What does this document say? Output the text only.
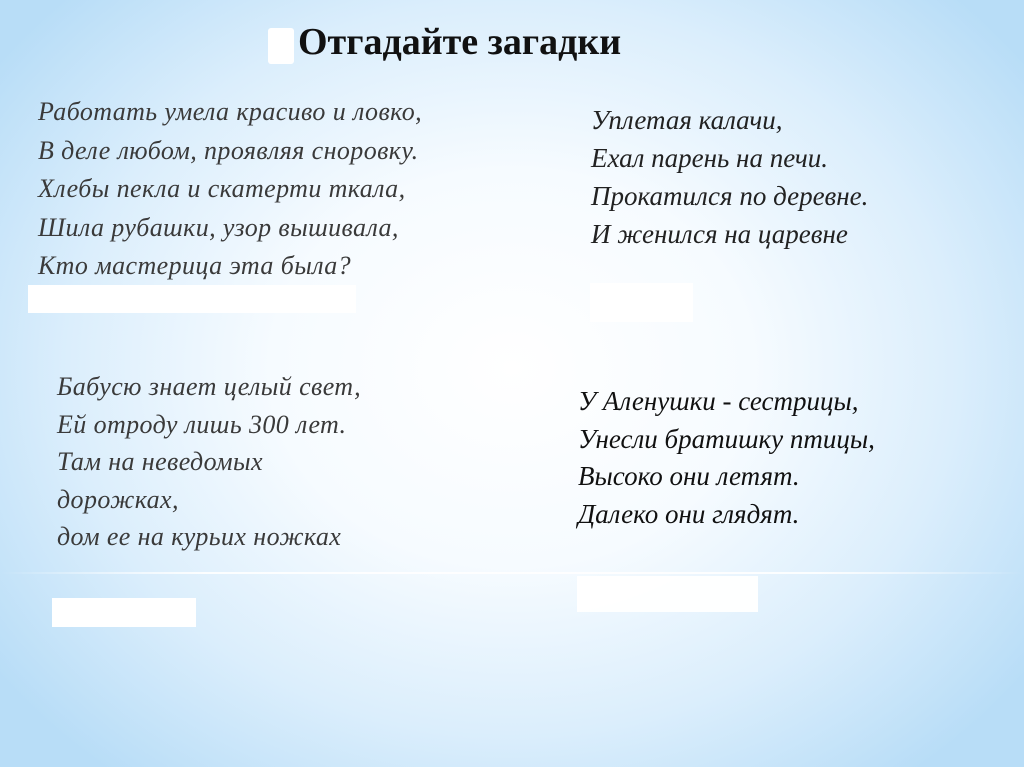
Отгадайте загадки
Работать умела красиво и ловко,
В деле любом, проявляя сноровку.
Хлебы пекла и скатерти ткала,
Шила рубашки, узор вышивала,
Кто мастерица эта была?
Уплетая калачи,
Ехал парень на печи.
Прокатился по деревне.
И женился на царевне
Бабусю знает целый свет,
Ей отроду лишь 300 лет.
Там на неведомых
дорожках,
дом ее на курьих ножках
У Аленушки - сестрицы,
Унесли братишку птицы,
Высоко они летят.
Далеко они глядят.
